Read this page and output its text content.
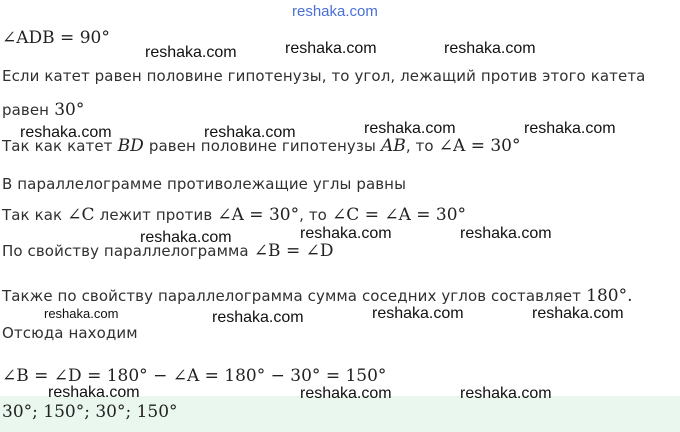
reshaka.com
reshaka.com	reshaka.com	reshaka.com
reshaka.com	reshaka.com	reshaka.com	reshaka.com
reshaka.com	reshaka.com	reshaka.com
reshaka.com	reshaka.com	reshaka.com	reshaka.com
reshaka.com	reshaka.com	reshaka.com
∠ADB = 90°
Если катет равен половине гипотенузы, то угол, лежащий против этого катета
равен 30°
Так как катет BD равен половине гипотенузы AB, то ∠A = 30°
В параллелограмме противолежащие углы равны
Так как ∠C лежит против ∠A = 30°, то ∠C = ∠A = 30°
По свойству параллелограмма ∠B = ∠D
Также по свойству параллелограмма сумма соседних углов составляет 180°.
Отсюда находим
∠B = ∠D = 180° − ∠A = 180° − 30° = 150°
30°; 150°; 30°; 150°
